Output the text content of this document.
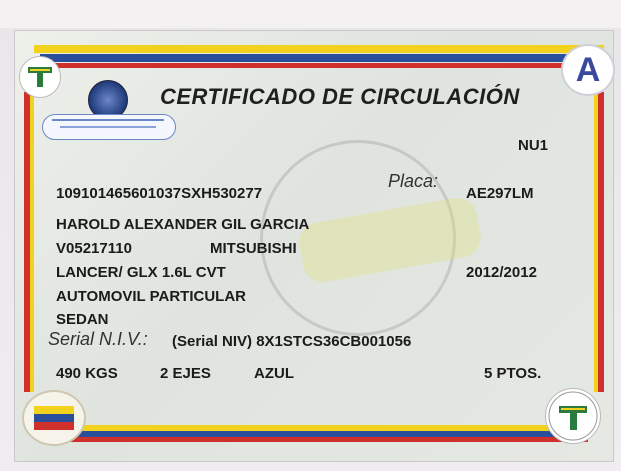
A
CERTIFICADO DE CIRCULACIÓN
NU1
Placa:
109101465601037SXH530277	AE297LM
HAROLD ALEXANDER GIL GARCIA
V05217110	MITSUBISHI
LANCER/ GLX 1.6L CVT	2012/2012
AUTOMOVIL PARTICULAR
SEDAN
Serial N.I.V.: (Serial NIV) 8X1STCS36CB001056
490 KGS	2 EJES	AZUL	5 PTOS.
